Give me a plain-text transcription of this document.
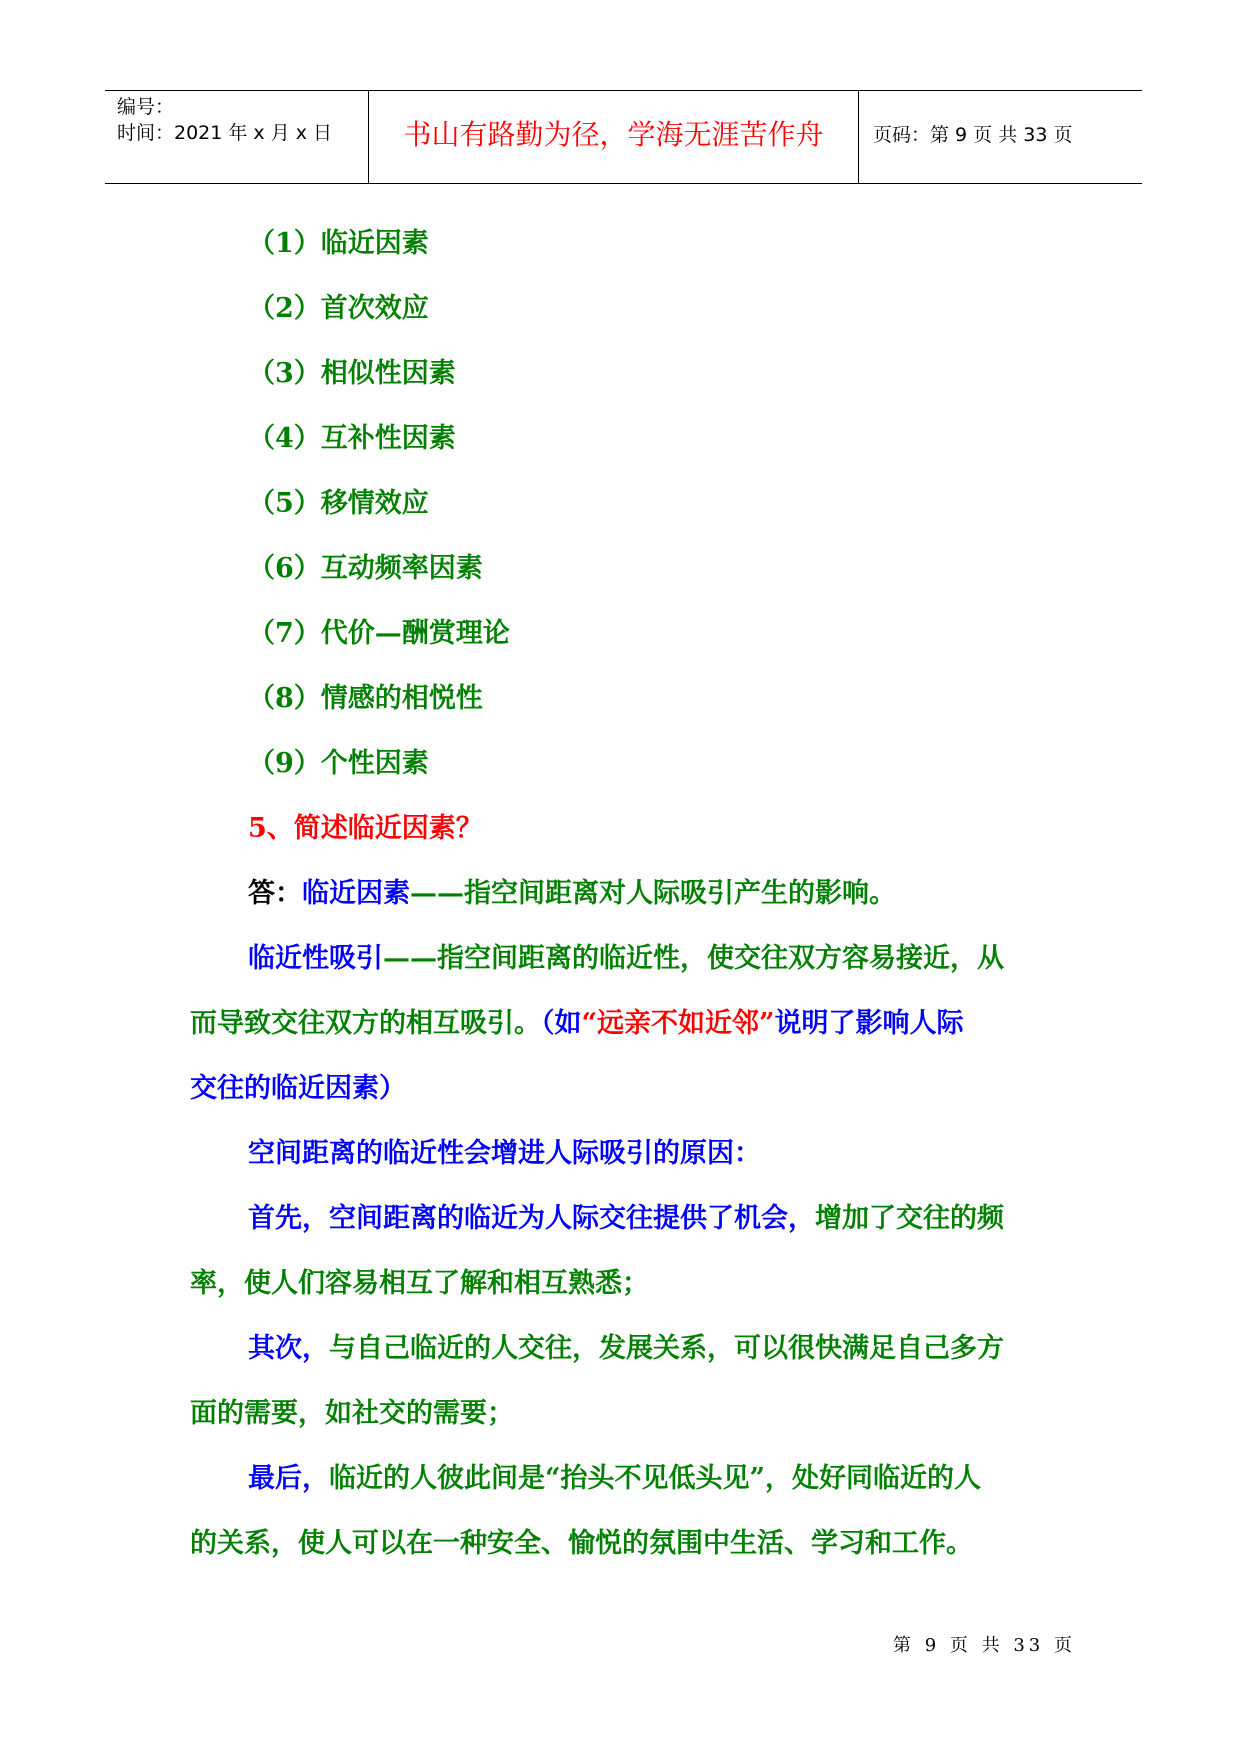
编号：
时间：2021 年 x 月 x 日	书山有路勤为径，学海无涯苦作舟	页码：第 9 页 共 33 页
（1）临近因素
（2）首次效应
（3）相似性因素
（4）互补性因素
（5）移情效应
（6）互动频率因素
（7）代价—酬赏理论
（8）情感的相悦性
（9）个性因素
5、简述临近因素？
答：临近因素——指空间距离对人际吸引产生的影响。
临近性吸引——指空间距离的临近性，使交往双方容易接近，从
而导致交往双方的相互吸引。（如“远亲不如近邻”说明了影响人际
交往的临近因素）
空间距离的临近性会增进人际吸引的原因：
首先，空间距离的临近为人际交往提供了机会，增加了交往的频
率，使人们容易相互了解和相互熟悉；
其次，与自己临近的人交往，发展关系，可以很快满足自己多方
面的需要，如社交的需要；
最后，临近的人彼此间是“抬头不见低头见”，处好同临近的人
的关系，使人可以在一种安全、愉悦的氛围中生活、学习和工作。
第 9 页 共 33 页
